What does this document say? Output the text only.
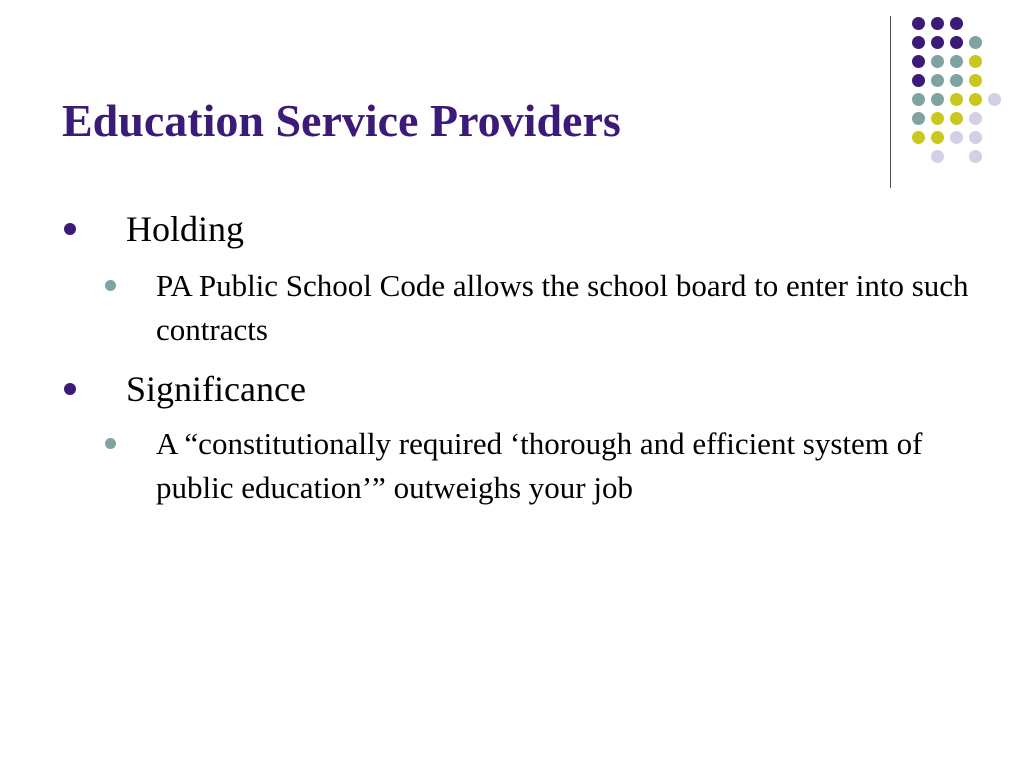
Education Service Providers
Holding
PA Public School Code allows the school board to enter into such contracts
Significance
A “constitutionally required ‘thorough and efficient system of public education’” outweighs your job
